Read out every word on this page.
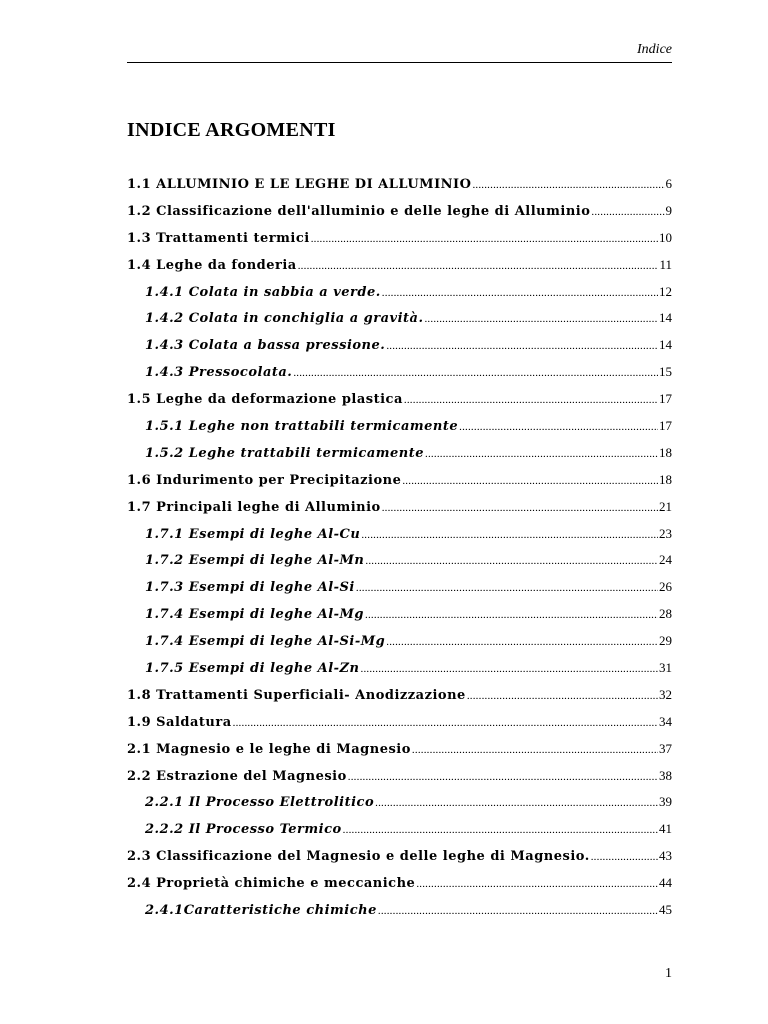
Indice
INDICE ARGOMENTI
1.1 ALLUMINIO E LE LEGHE DI ALLUMINIO .....	6
1.2 Classificazione dell'alluminio e delle leghe di Alluminio .....	9
1.3 Trattamenti termici .....	10
1.4 Leghe da fonderia .....	11
1.4.1 Colata in sabbia a verde. .....	12
1.4.2 Colata in conchiglia a gravità. .....	14
1.4.3 Colata a bassa pressione. .....	14
1.4.3 Pressocolata. .....	15
1.5 Leghe da deformazione plastica .....	17
1.5.1 Leghe non trattabili termicamente .....	17
1.5.2 Leghe trattabili termicamente .....	18
1.6 Indurimento per Precipitazione .....	18
1.7 Principali leghe di Alluminio .....	21
1.7.1 Esempi di leghe Al-Cu .....	23
1.7.2 Esempi di leghe Al-Mn .....	24
1.7.3 Esempi di leghe Al-Si .....	26
1.7.4 Esempi di leghe Al-Mg .....	28
1.7.4 Esempi di leghe Al-Si-Mg .....	29
1.7.5 Esempi di leghe Al-Zn .....	31
1.8 Trattamenti Superficiali- Anodizzazione .....	32
1.9 Saldatura .....	34
2.1 Magnesio e le leghe di Magnesio .....	37
2.2 Estrazione del Magnesio .....	38
2.2.1 Il Processo Elettrolitico .....	39
2.2.2 Il Processo Termico .....	41
2.3 Classificazione del Magnesio e delle leghe di Magnesio. .....	43
2.4 Proprietà chimiche e meccaniche .....	44
2.4.1Caratteristiche chimiche .....	45
1
